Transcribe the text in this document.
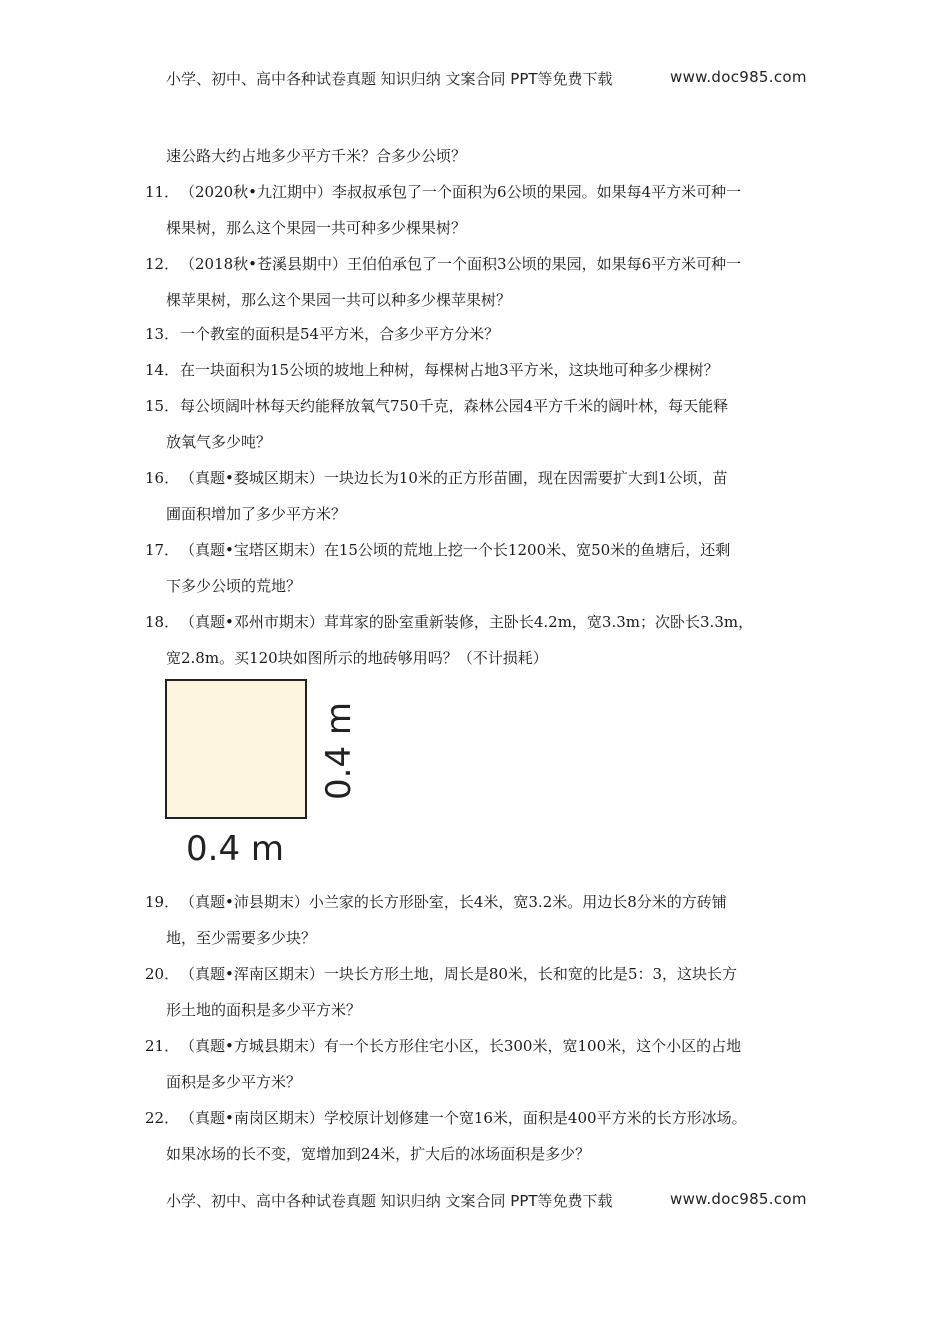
小学、初中、高中各种试卷真题 知识归纳 文案合同 PPT等免费下载	www.doc985.com
速公路大约占地多少平方千米？合多少公顷？
11． （2020秋•九江期中）李叔叔承包了一个面积为6公顷的果园。如果每4平方米可种一
棵果树，那么这个果园一共可种多少棵果树？
12． （2018秋•苍溪县期中）王伯伯承包了一个面积3公顷的果园，如果每6平方米可种一
棵苹果树，那么这个果园一共可以种多少棵苹果树？
13． 一个教室的面积是54平方米，合多少平方分米？
14． 在一块面积为15公顷的坡地上种树，每棵树占地3平方米，这块地可种多少棵树？
15． 每公顷阔叶林每天约能释放氧气750千克，森林公园4平方千米的阔叶林，每天能释
放氧气多少吨？
16． （真题•婺城区期末）一块边长为10米的正方形苗圃，现在因需要扩大到1公顷，苗
圃面积增加了多少平方米？
17． （真题•宝塔区期末）在15公顷的荒地上挖一个长1200米、宽50米的鱼塘后，还剩
下多少公顷的荒地？
18． （真题•邓州市期末）茸茸家的卧室重新装修，主卧长4.2m，宽3.3m；次卧长3.3m，
宽2.8m。买120块如图所示的地砖够用吗？（不计损耗）
0.4 m
0.4 m
19． （真题•沛县期末）小兰家的长方形卧室，长4米，宽3.2米。用边长8分米的方砖铺
地，至少需要多少块？
20． （真题•浑南区期末）一块长方形土地，周长是80米，长和宽的比是5：3，这块长方
形土地的面积是多少平方米？
21． （真题•方城县期末）有一个长方形住宅小区，长300米，宽100米，这个小区的占地
面积是多少平方米？
22． （真题•南岗区期末）学校原计划修建一个宽16米，面积是400平方米的长方形冰场。
如果冰场的长不变，宽增加到24米，扩大后的冰场面积是多少？
小学、初中、高中各种试卷真题 知识归纳 文案合同 PPT等免费下载	www.doc985.com
